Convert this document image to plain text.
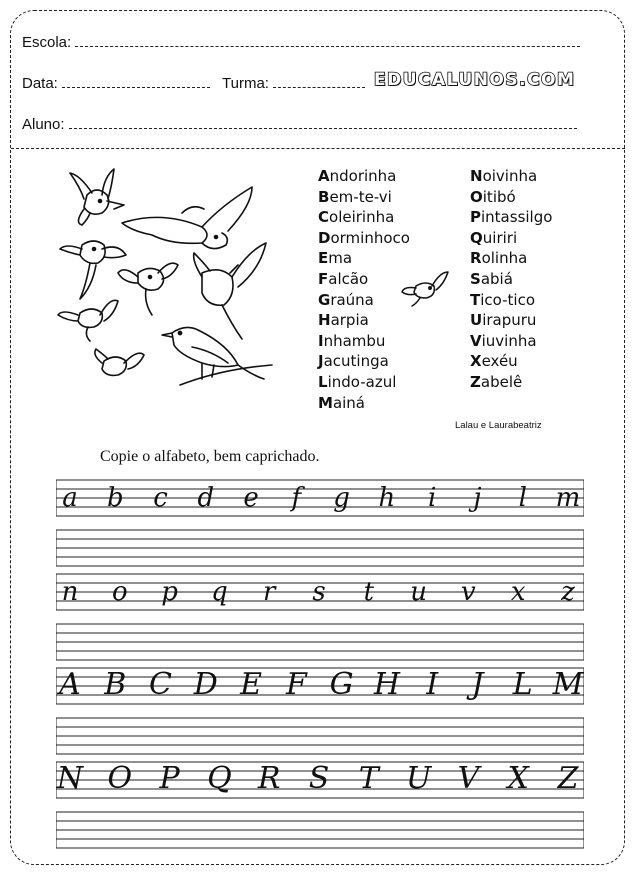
Escola:
Data:	Turma:	EDUCALUNOS.COM
Aluno:
Andorinha
Bem-te-vi
Coleirinha
Dorminhoco
Ema
Falcão
Graúna
Harpia
Inhambu
Jacutinga
Lindo-azul
Mainá
Noivinha
Oitibó
Pintassilgo
Quiriri
Rolinha
Sabiá
Tico-tico
Uirapuru
Viuvinha
Xexéu
Zabelê
Lalau e Laurabeatriz
Copie o alfabeto, bem caprichado.
a b c d e f g h i j l m
n o p q r s t u v x z
A B C D E F G H I J L M
N O P Q R S T U V X Z
